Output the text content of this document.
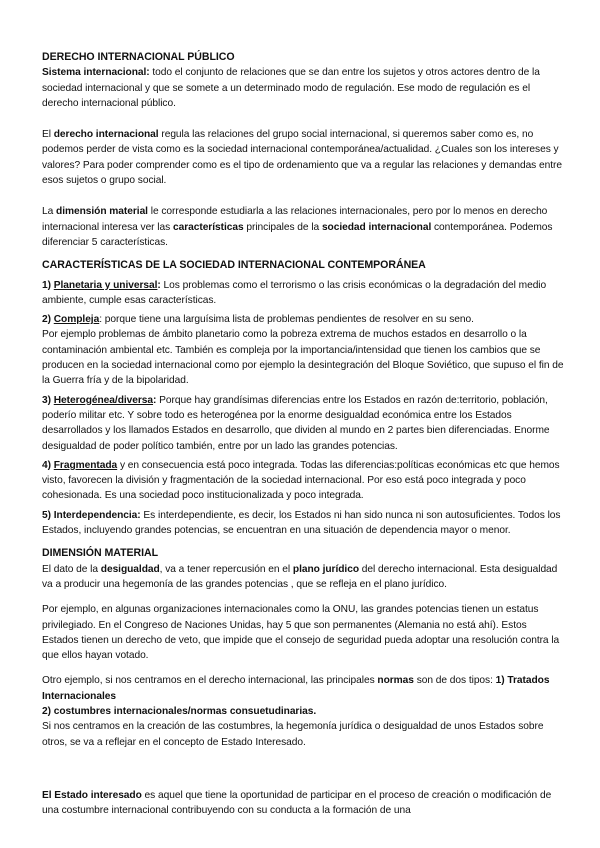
DERECHO INTERNACIONAL PÚBLICO

Sistema internacional: todo el conjunto de relaciones que se dan entre los sujetos y otros actores dentro de la sociedad internacional y que se somete a un determinado modo de regulación. Ese modo de regulación es el derecho internacional público.

El derecho internacional regula las relaciones del grupo social internacional, si queremos saber como es, no podemos perder de vista como es la sociedad internacional contemporánea/actualidad. ¿Cuales son los intereses y valores? Para poder comprender como es el tipo de ordenamiento que va a regular las relaciones y demandas entre esos sujetos o grupo social.

La dimensión material le corresponde estudiarla a las relaciones internacionales, pero por lo menos en derecho internacional interesa ver las características principales de la sociedad internacional contemporánea. Podemos diferenciar 5 características.

CARACTERÍSTICAS DE LA SOCIEDAD INTERNACIONAL CONTEMPORÁNEA

1) Planetaria y universal: Los problemas como el terrorismo o las crisis económicas o la degradación del medio ambiente, cumple esas características.

2) Compleja: porque tiene una larguísima lista de problemas pendientes de resolver en su seno.

Por ejemplo problemas de ámbito planetario como la pobreza extrema de muchos estados en desarrollo o la contaminación ambiental etc. También es compleja por la importancia/intensidad que tienen los cambios que se producen en la sociedad internacional como por ejemplo la desintegración del Bloque Soviético, que supuso el fin de la Guerra fría y de la bipolaridad.

3) Heterogénea/diversa: Porque hay grandísimas diferencias entre los Estados en razón de:territorio, población, poderío militar etc. Y sobre todo es heterogénea por la enorme desigualdad económica entre los Estados desarrollados y los llamados Estados en desarrollo, que dividen al mundo en 2 partes bien diferenciadas. Enorme desigualdad de poder político también, entre por un lado las grandes potencias.

4) Fragmentada y en consecuencia está poco integrada. Todas las diferencias:políticas económicas etc que hemos visto, favorecen la división y fragmentación de la sociedad internacional. Por eso está poco integrada y poco cohesionada. Es una sociedad poco institucionalizada y poco integrada.

5) Interdependencia: Es interdependiente, es decir, los Estados ni han sido nunca ni son autosuficientes. Todos los Estados, incluyendo grandes potencias, se encuentran en una situación de dependencia mayor o menor.

DIMENSIÓN MATERIAL

El dato de la desigualdad, va a tener repercusión en el plano jurídico del derecho internacional. Esta desigualdad va a producir una hegemonía de las grandes potencias , que se refleja en el plano jurídico.

Por ejemplo, en algunas organizaciones internacionales como la ONU, las grandes potencias tienen un estatus privilegiado. En el Congreso de Naciones Unidas, hay 5 que son permanentes (Alemania no está ahí). Estos Estados tienen un derecho de veto, que impide que el consejo de seguridad pueda adoptar una resolución contra la que ellos hayan votado.

Otro ejemplo, si nos centramos en el derecho internacional, las principales normas son de dos tipos: 1) Tratados Internacionales

2) costumbres internacionales/normas consuetudinarias.

Si nos centramos en la creación de las costumbres, la hegemonía jurídica o desigualdad de unos Estados sobre otros, se va a reflejar en el concepto de Estado Interesado.

El Estado interesado es aquel que tiene la oportunidad de participar en el proceso de creación o modificación de una costumbre internacional contribuyendo con su conducta a la formación de una
